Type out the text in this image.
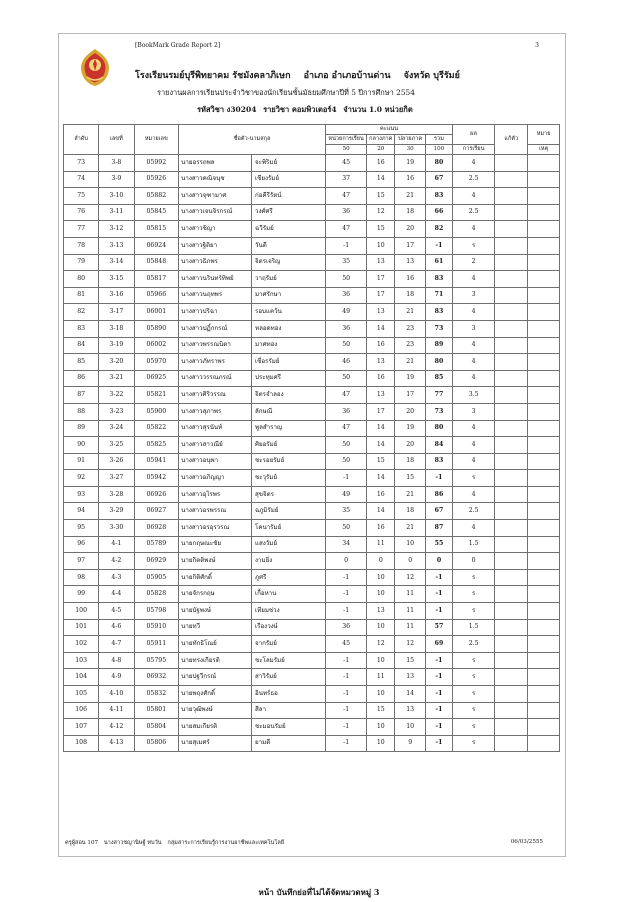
[BookMark Grade Report 2]	3
โรงเรียนรมย์บุรีพิทยาคม รัชมังคลาภิเษก อำเภอ อำเภอบ้านด่าน จังหวัด บุรีรัมย์
รายงานผลการเรียนประจำวิชาของนักเรียนชั้นมัธยมศึกษาปีที่ 5 ปีการศึกษา 2554
รหัสวิชา ง30204 รายวิชา คอมพิวเตอร์4 จำนวน 1.0 หน่วยกิต
ลำดับ	เลขที่	หมายเลข	ชื่อตัว-นามสกุล		คะแนน				ผล	แก้ตัว	หมาย
					หน่วยการเรียน	กลางภาค	ปลายภาค	รวม			
					50	20	30	100	การเรียน		เหตุ
73	3-8	05992	นายอรรถพล	จะพิริมย์	45	16	19	80	4		
74	3-9	05926	นางสาวคณิจนุช	เชียงรัมย์	37	14	16	67	2.5		
75	3-10	05882	นางสาวจุฑามาศ	ก่อคีรีรัตน์	47	15	21	83	4		
76	3-11	05845	นางสาวเจนจิรกรณ์	วงศ์ศรี	36	12	18	66	2.5		
77	3-12	05815	นางสาวชิญา	ฉวีรัมย์	47	15	20	82	4		
78	3-13	06924	นางสาวฐิติยา	วันดี	-1	10	17	-1	ร		
79	3-14	05848	นางสาวธิภพร	จิตรเจริญ	35	13	13	61	2		
80	3-15	05817	นางสาวนรินทร์ทิพย์	วาฤรัมย์	50	17	16	83	4		
81	3-16	05966	นางสาวนฤทพร	มาศรักษา	36	17	18	71	3		
82	3-17	06001	นางสาวปริฉา	รอบแคว้น	49	13	21	83	4		
83	3-18	05890	นางสาวปฏิ์กกรณ์	หลอดทอง	36	14	23	73	3		
84	3-19	06002	นางสาวพรรณนิดา	มาศทอง	50	16	23	89	4		
85	3-20	05970	นางสาวภัทราพร	เชื่อรรัมย์	46	13	21	80	4		
86	3-21	06925	นางสาววรรณภรณ์	ประทุมศรี	50	16	19	85	4		
87	3-22	05821	นางสาวศิริวรรณ	จิตรจำลอง	47	13	17	77	3.5		
88	3-23	05900	นางสาวสุภาพร	ลักษณี	36	17	20	73	3		
89	3-24	05822	นางสาวสุรนันท์	พูลสำราญ	47	14	19	80	4		
90	3-25	05825	นางสาวสาวณีย์	ศิยอรัมย์	50	14	20	84	4		
91	3-26	05941	นางสาวอนุพา	ชะรอยรัมย์	50	15	18	83	4		
92	3-27	05942	นางสาวอภิญญา	ชะวุรัมย์	-1	14	15	-1	ร		
93	3-28	06926	นางสาวอุไรพร	สุขจิตร	49	16	21	86	4		
94	3-29	06927	นางสาวอรพรรณ	ฉภูมิรัมย์	35	14	18	67	2.5		
95	3-30	06928	นางสาวอรอุรวรณ	โคนารัมย์	50	16	21	87	4		
96	4-1	05789	นายกฤษณะชัย	แสงวัมย์	34	11	10	55	1.5		
97	4-2	06929	นายกิตติพงษ์	งามยิ่ง	0	0	0	0	0		
98	4-3	05905	นายกิติศักดิ์	ภูศรี	-1	10	12	-1	ร		
99	4-4	05828	นายจักรกฤษ	เกื้อหาน	-1	10	11	-1	ร		
100	4-5	05798	นายบัฐพงษ์	เทียมช่วง	-1	13	11	-1	ร		
101	4-6	05910	นายทวี	เรืองวงษ์	36	10	11	57	1.5		
102	4-7	05911	นายทักธิโณย์	จากรัมย์	45	12	12	69	2.5		
103	4-8	05795	นายทรงเกียรติ	ชะโลมรัมย์	-1	10	15	-1	ร		
104	4-9	06932	นายปฐวีกรณ์	สาวิรัมย์	-1	11	13	-1	ร		
105	4-10	05832	นายพฤงศักดิ์	อินทร์ธอ	-1	10	14	-1	ร		
106	4-11	05801	นายวุฒิพงษ์	สีลา	-1	15	13	-1	ร		
107	4-12	05804	นายสมเกียรติ	ชะมอนรัมย์	-1	10	10	-1	ร		
108	4-13	05806	นายสุเมศร์	ยามดี	-1	10	9	-1	ร		
ครูผู้สอน 107 นางสาวชญานิษฐ์ ทบวัน กลุ่มสาระการเรียนรู้การงานอาชีพและเทคโนโลยี	06/03/2555
หน้า บันทึกย่อที่ไม่ได้จัดหมวดหมู่ 3
